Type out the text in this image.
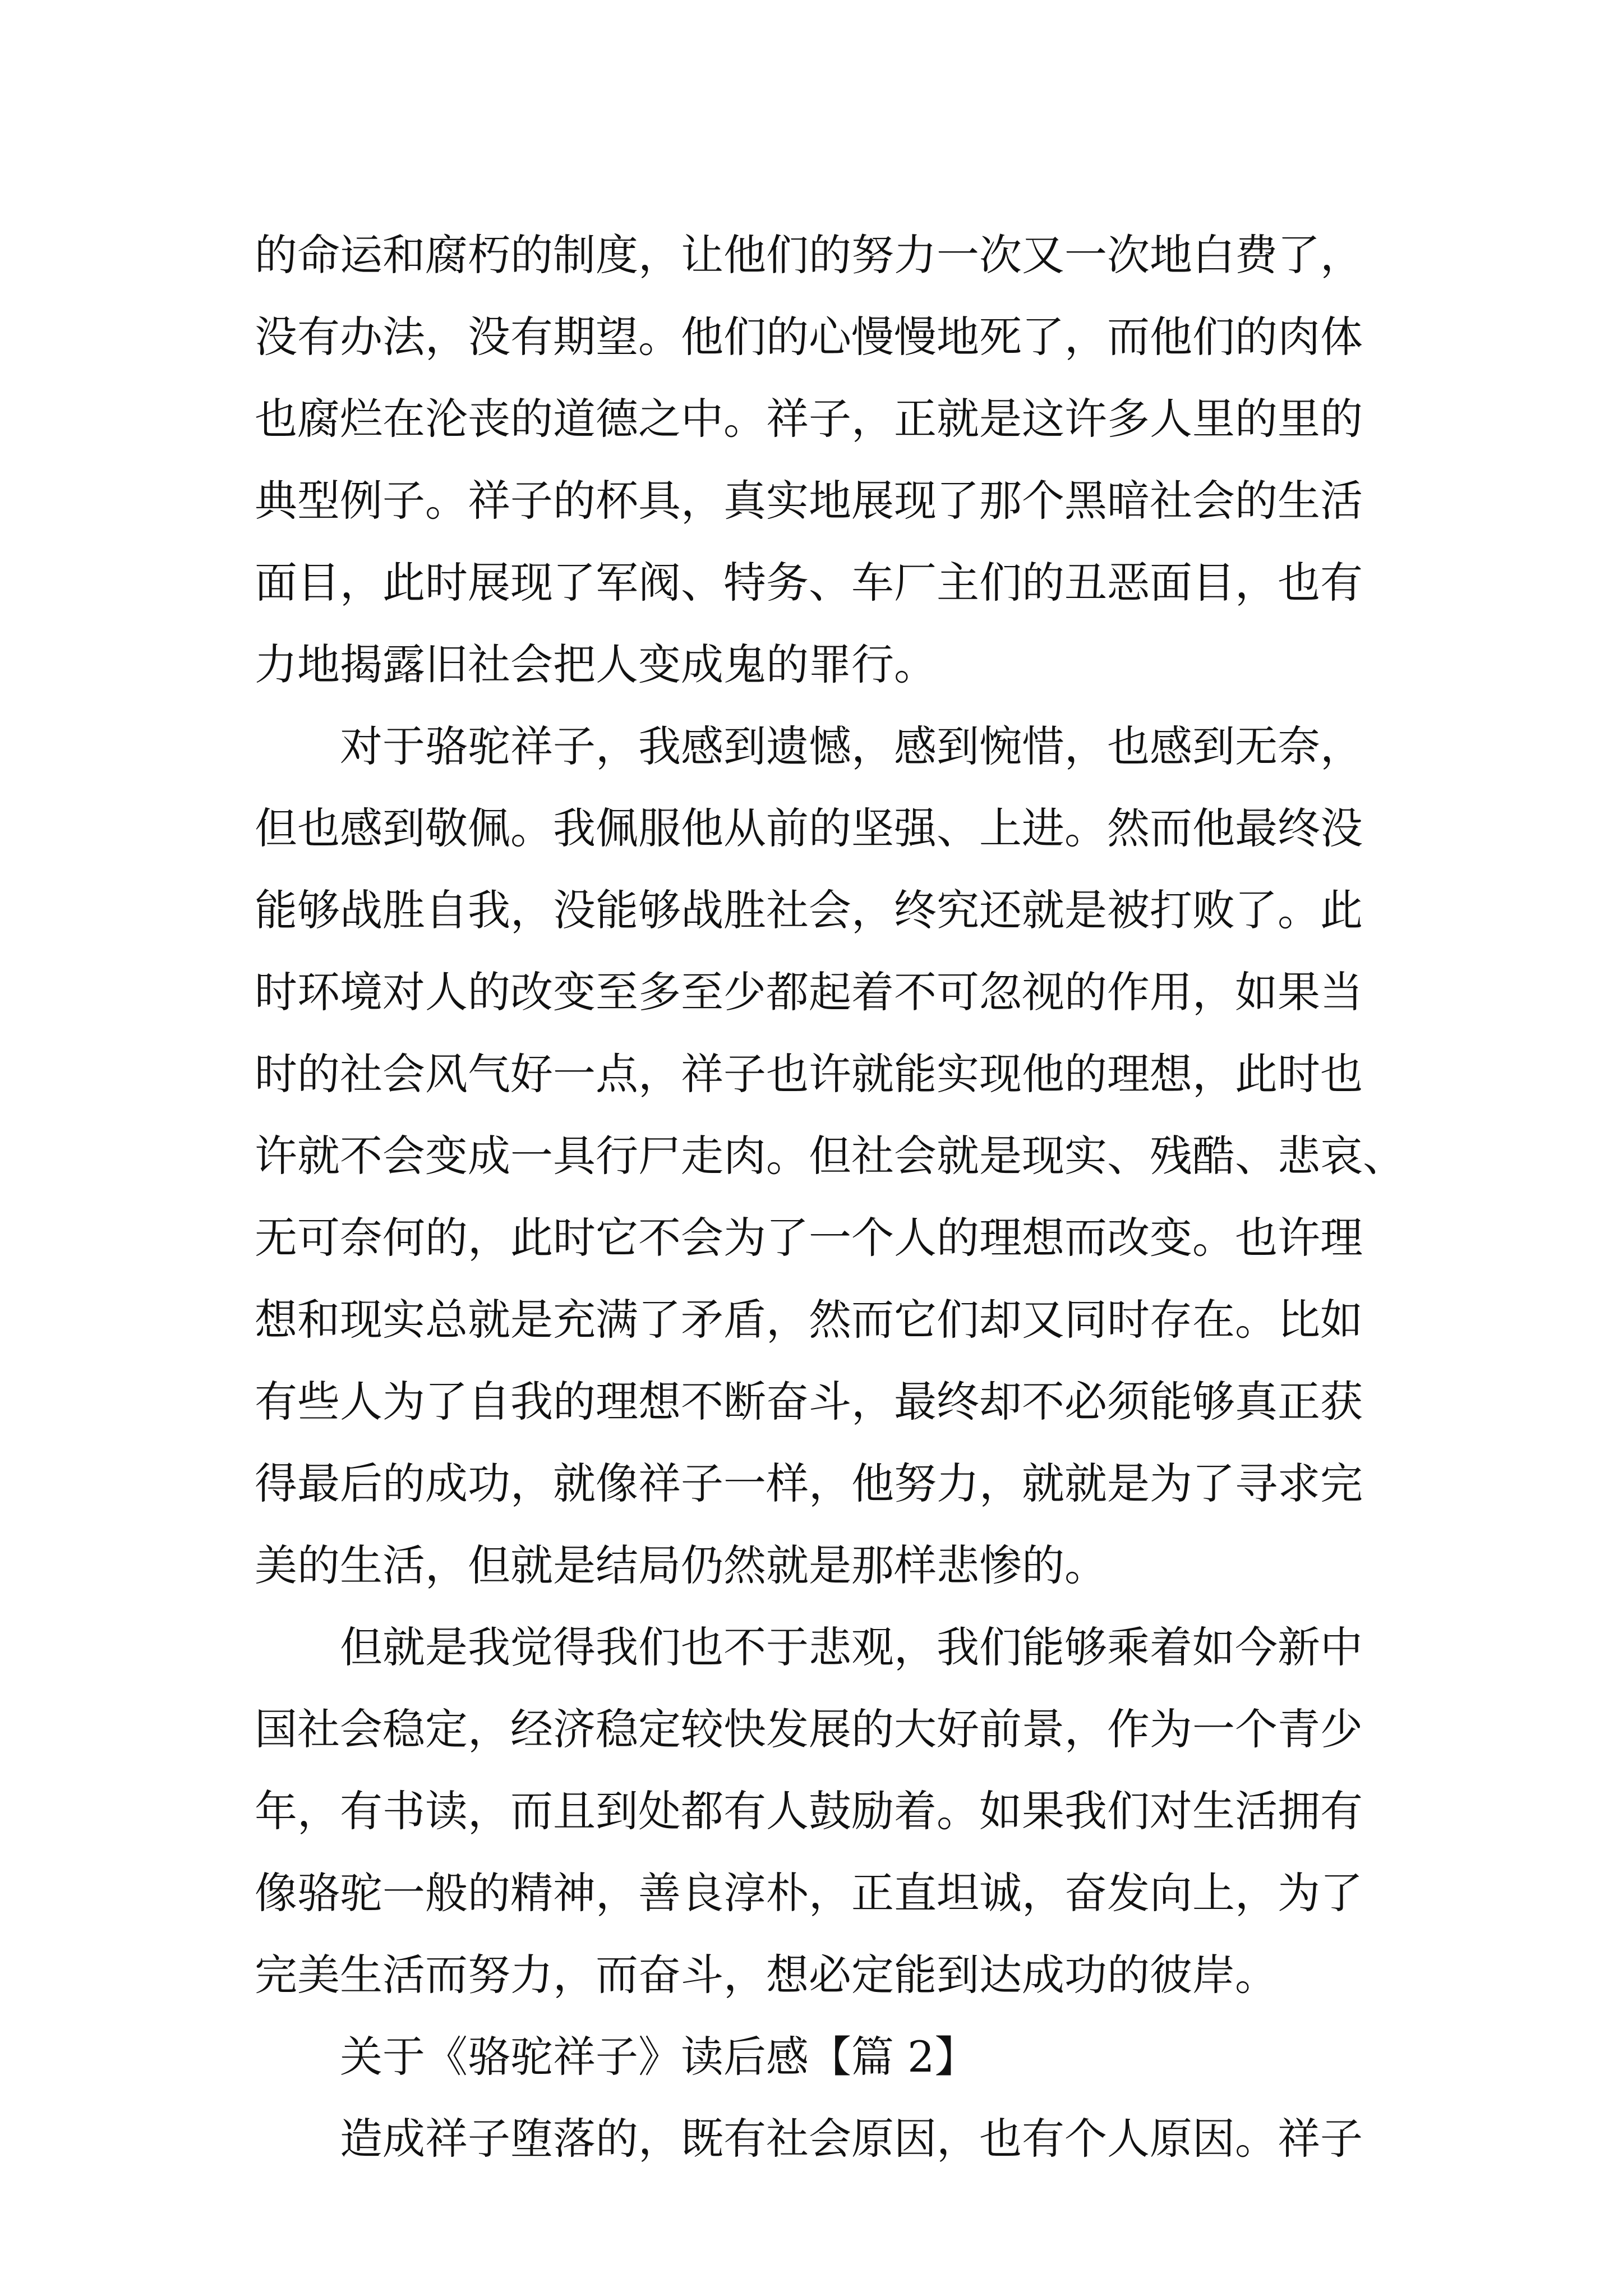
的命运和腐朽的制度，让他们的努力一次又一次地白费了，
没有办法，没有期望。他们的心慢慢地死了，而他们的肉体
也腐烂在沦丧的道德之中。祥子，正就是这许多人里的里的
典型例子。祥子的杯具，真实地展现了那个黑暗社会的生活
面目，此时展现了军阀、特务、车厂主们的丑恶面目，也有
力地揭露旧社会把人变成鬼的罪行。
对于骆驼祥子，我感到遗憾，感到惋惜，也感到无奈，
但也感到敬佩。我佩服他从前的坚强、上进。然而他最终没
能够战胜自我，没能够战胜社会，终究还就是被打败了。此
时环境对人的改变至多至少都起着不可忽视的作用，如果当
时的社会风气好一点，祥子也许就能实现他的理想，此时也
许就不会变成一具行尸走肉。但社会就是现实、残酷、悲哀、
无可奈何的，此时它不会为了一个人的理想而改变。也许理
想和现实总就是充满了矛盾，然而它们却又同时存在。比如
有些人为了自我的理想不断奋斗，最终却不必须能够真正获
得最后的成功，就像祥子一样，他努力，就就是为了寻求完
美的生活，但就是结局仍然就是那样悲惨的。
但就是我觉得我们也不于悲观，我们能够乘着如今新中
国社会稳定，经济稳定较快发展的大好前景，作为一个青少
年，有书读，而且到处都有人鼓励着。如果我们对生活拥有
像骆驼一般的精神，善良淳朴，正直坦诚，奋发向上，为了
完美生活而努力，而奋斗，想必定能到达成功的彼岸。
关于《骆驼祥子》读后感【篇 2】
造成祥子堕落的，既有社会原因，也有个人原因。祥子
